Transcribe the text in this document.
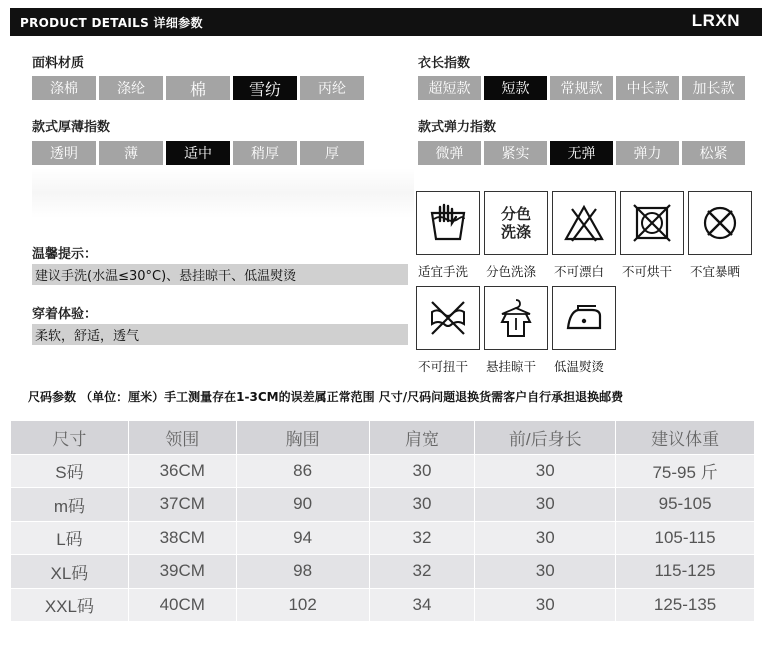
PRODUCT DETAILS 详细参数	LRXN
面料材质
涤棉	涤纶	棉	雪纺	丙纶
衣长指数
超短款	短款	常规款	中长款	加长款
款式厚薄指数
透明	薄	适中	稍厚	厚
款式弹力指数
微弹	紧实	无弹	弹力	松紧
温馨提示：
建议手洗(水温≤30°C)、悬挂晾干、低温熨烫
穿着体验：
柔软，舒适，透气
分色
洗涤
适宜手洗 分色洗涤 不可漂白 不可烘干 不宜暴晒
不可扭干 悬挂晾干 低温熨烫
尺码参数 （单位：厘米）手工测量存在1-3CM的误差属正常范围 尺寸/尺码问题退换货需客户自行承担退换邮费
尺寸	领围	胸围	肩宽	前/后身长	建议体重
S码	36CM	86	30	30	75-95 斤
m码	37CM	90	30	30	95-105
L码	38CM	94	32	30	105-115
XL码	39CM	98	32	30	115-125
XXL码	40CM	102	34	30	125-135
